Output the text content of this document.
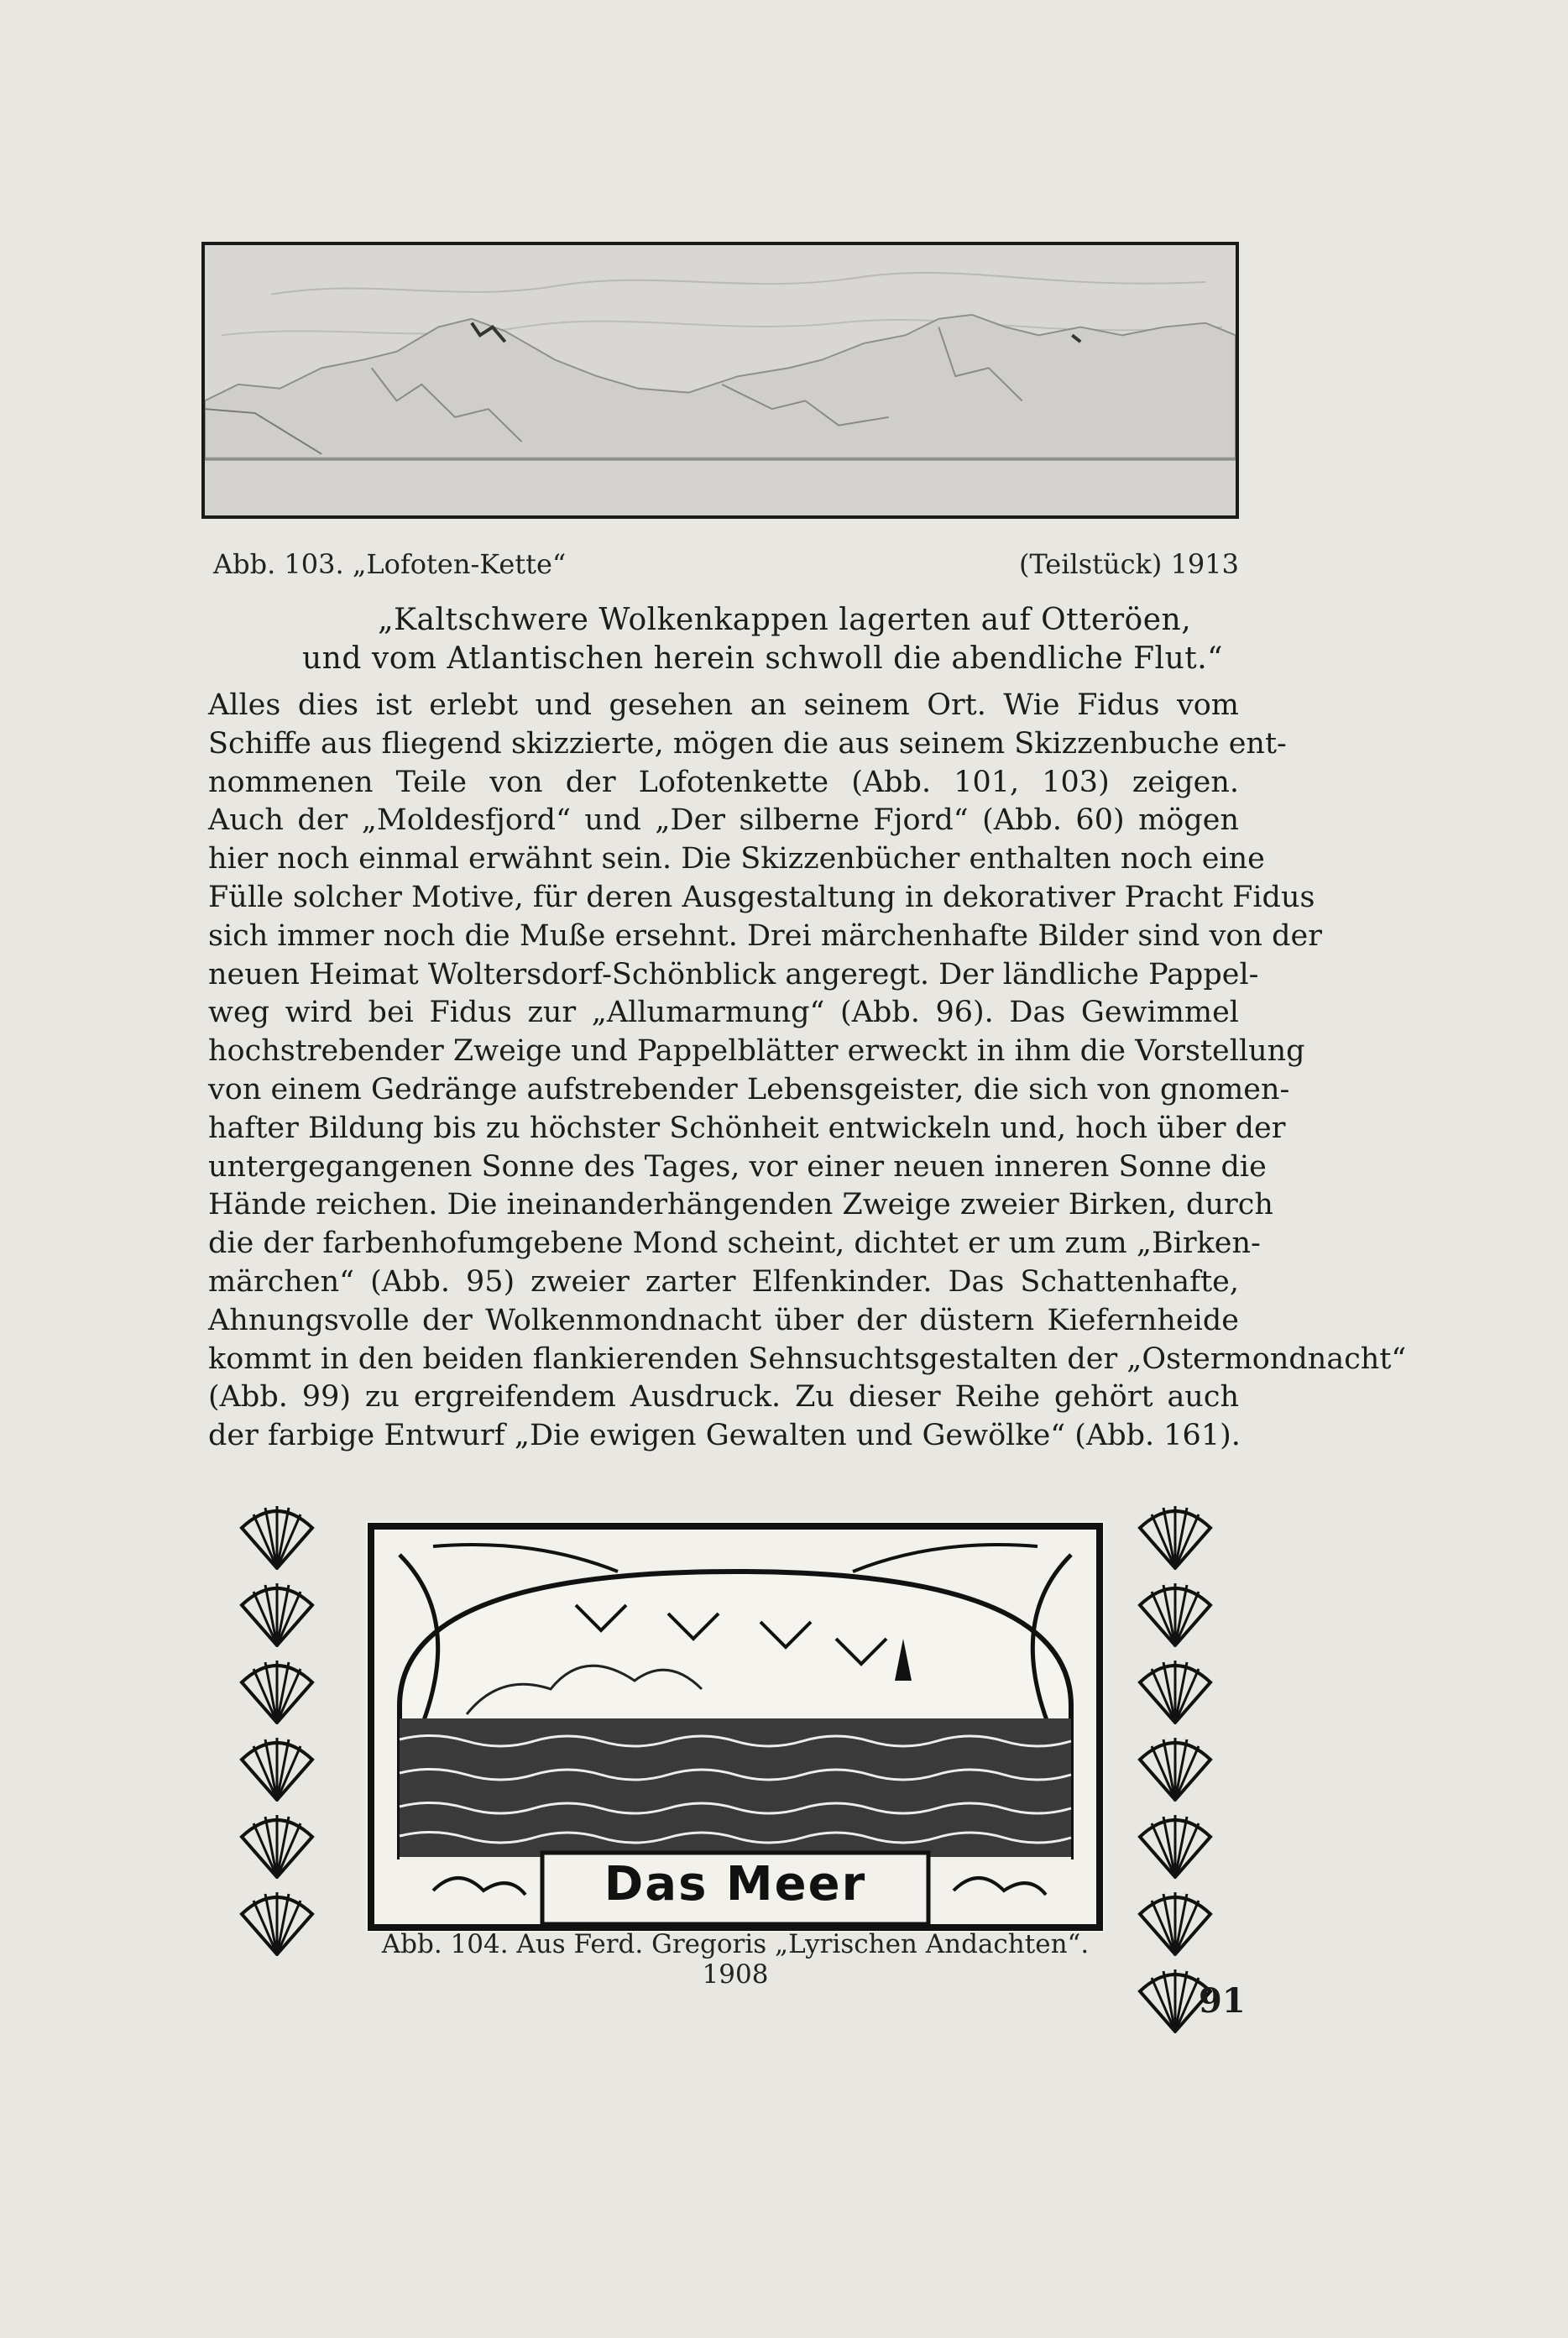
Abb. 103. „Lofoten-Kette“	(Teilstück) 1913
„Kaltschwere Wolkenkappen lagerten auf Otteröen,
und vom Atlantischen herein schwoll die abendliche Flut.“
Alles dies ist erlebt und gesehen an seinem Ort. Wie Fidus vom
Schiffe aus fliegend skizzierte, mögen die aus seinem Skizzenbuche ent-
nommenen Teile von der Lofotenkette (Abb. 101, 103) zeigen.
Auch der „Moldesfjord“ und „Der silberne Fjord“ (Abb. 60) mögen
hier noch einmal erwähnt sein. Die Skizzenbücher enthalten noch eine
Fülle solcher Motive, für deren Ausgestaltung in dekorativer Pracht Fidus
sich immer noch die Muße ersehnt. Drei märchenhafte Bilder sind von der
neuen Heimat Woltersdorf-Schönblick angeregt. Der ländliche Pappel-
weg wird bei Fidus zur „Allumarmung“ (Abb. 96). Das Gewimmel
hochstrebender Zweige und Pappelblätter erweckt in ihm die Vorstellung
von einem Gedränge aufstrebender Lebensgeister, die sich von gnomen-
hafter Bildung bis zu höchster Schönheit entwickeln und, hoch über der
untergegangenen Sonne des Tages, vor einer neuen inneren Sonne die
Hände reichen. Die ineinanderhängenden Zweige zweier Birken, durch
die der farbenhofumgebene Mond scheint, dichtet er um zum „Birken-
märchen“ (Abb. 95) zweier zarter Elfenkinder. Das Schattenhafte,
Ahnungsvolle der Wolkenmondnacht über der düstern Kiefernheide
kommt in den beiden flankierenden Sehnsuchtsgestalten der „Ostermondnacht“
(Abb. 99) zu ergreifendem Ausdruck. Zu dieser Reihe gehört auch
der farbige Entwurf „Die ewigen Gewalten und Gewölke“ (Abb. 161).
Das Meer
Abb. 104. Aus Ferd. Gregoris „Lyrischen Andachten“. 1908
91
